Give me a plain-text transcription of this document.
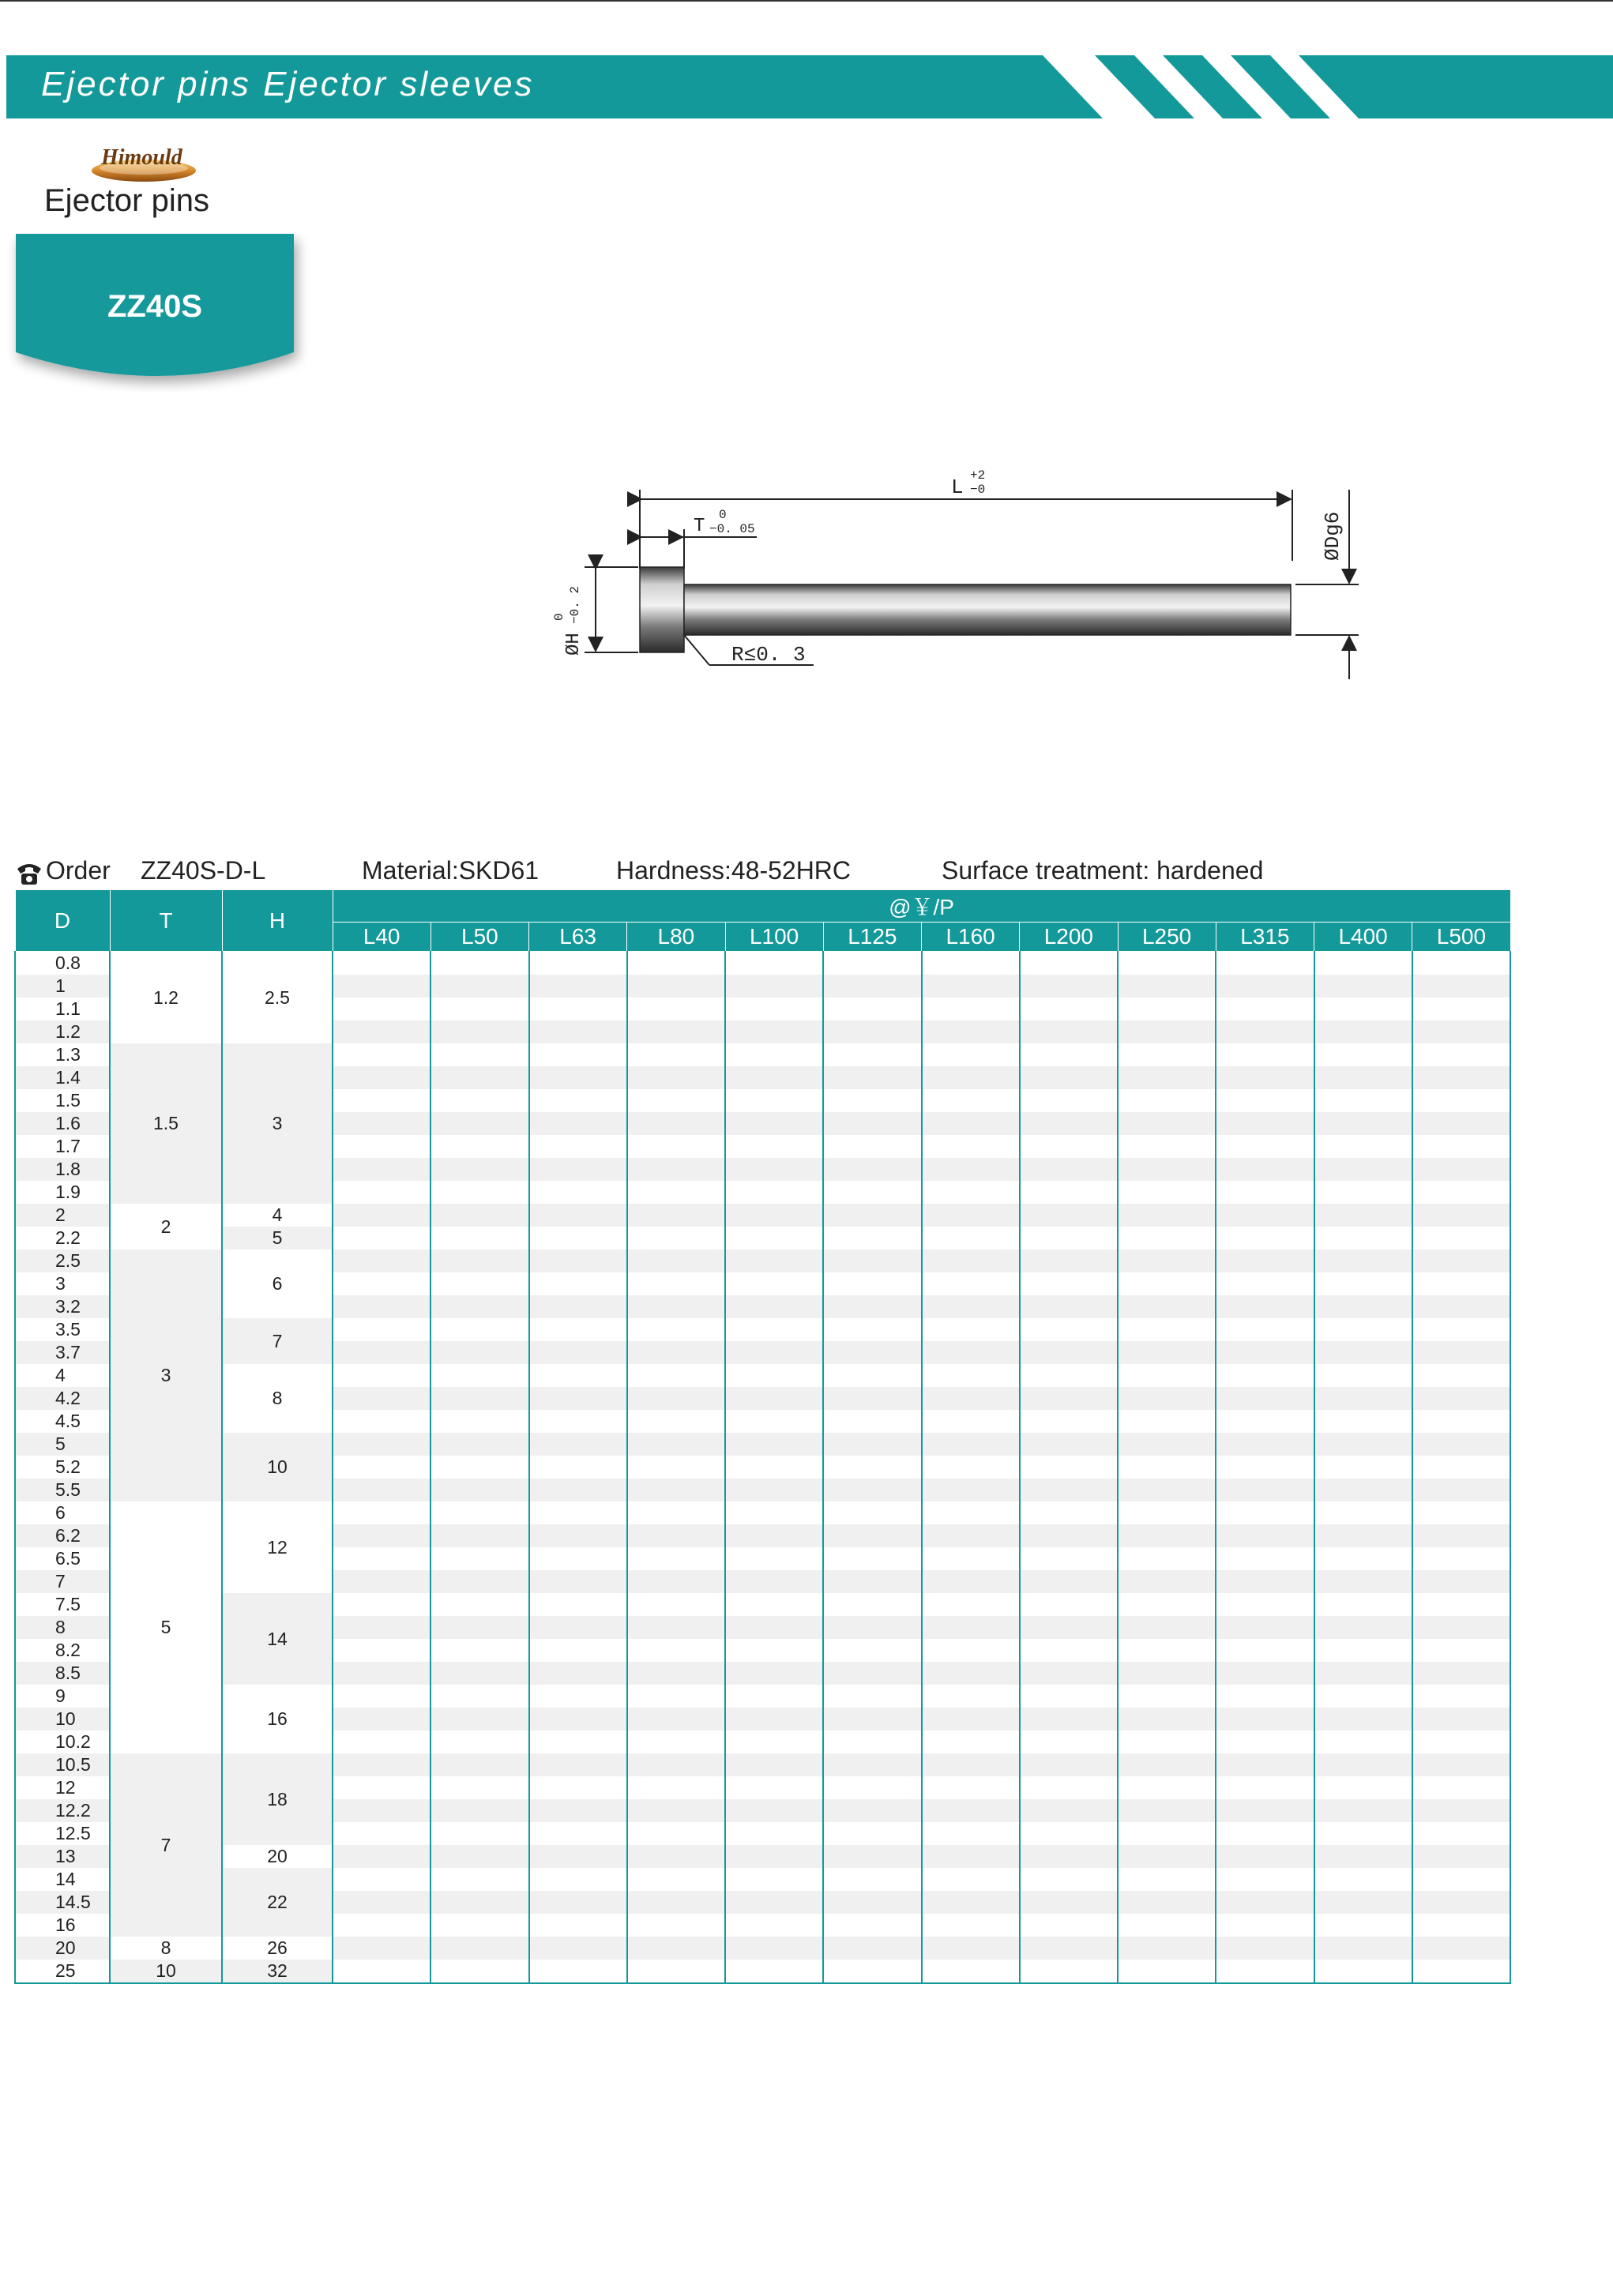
Ejector pins Ejector sleeves
Himould
Ejector pins
ZZ40S
L +2
−0
T
0
−0. 05
ØH
0 −0. 2
ØDg6
R≤0. 3
Order ZZ40S-D-L	Material:SKD61	Hardness:48-52HRC	Surface treatment: hardened
D	T	H	@￥/P											
			L40	L50	L63	L80	L100	L125	L160	L200	L250	L315	L400	L500
0.8	1.2	2.5												
1														
1.1														
1.2														
1.3	1.5	3												
1.4														
1.5														
1.6														
1.7														
1.8														
1.9														
2	2	4												
2.2		5												
2.5	3	6												
3														
3.2														
3.5		7												
3.7														
4		8												
4.2														
4.5														
5		10												
5.2														
5.5														
6	5	12												
6.2														
6.5														
7														
7.5		14												
8														
8.2														
8.5														
9		16												
10														
10.2														
10.5	7	18												
12														
12.2														
12.5														
13		20												
14		22												
14.5														
16														
20	8	26												
25	10	32												
